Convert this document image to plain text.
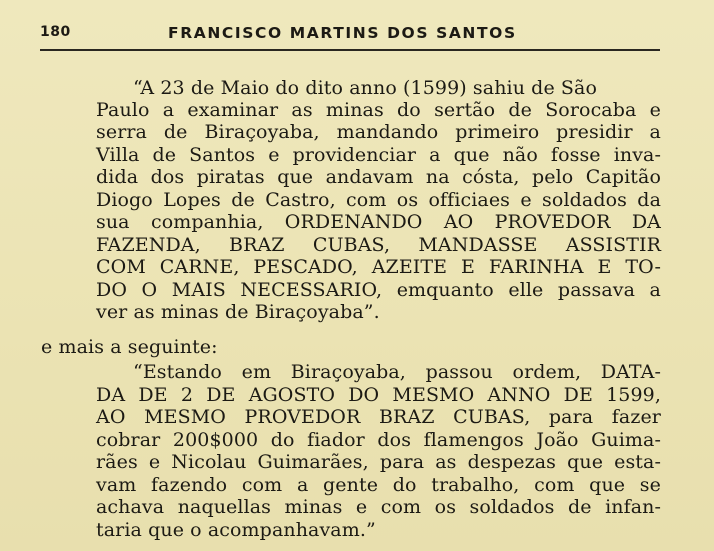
180	FRANCISCO MARTINS DOS SANTOS
“A 23 de Maio do dito anno (1599) sahiu de São
Paulo a examinar as minas do sertão de Sorocaba e
serra de Biraçoyaba, mandando primeiro presidir a
Villa de Santos e providenciar a que não fosse inva-
dida dos piratas que andavam na cósta, pelo Capitão
Diogo Lopes de Castro, com os officiaes e soldados da
sua companhia, ORDENANDO AO PROVEDOR DA
FAZENDA, BRAZ CUBAS, MANDASSE ASSISTIR
COM CARNE, PESCADO, AZEITE E FARINHA E TO-
DO O MAIS NECESSARIO, emquanto elle passava a
ver as minas de Biraçoyaba”.
e mais a seguinte:
“Estando em Biraçoyaba, passou ordem, DATA-
DA DE 2 DE AGOSTO DO MESMO ANNO DE 1599,
AO MESMO PROVEDOR BRAZ CUBAS, para fazer
cobrar 200$000 do fiador dos flamengos João Guima-
rães e Nicolau Guimarães, para as despezas que esta-
vam fazendo com a gente do trabalho, com que se
achava naquellas minas e com os soldados de infan-
taria que o acompanhavam.”
